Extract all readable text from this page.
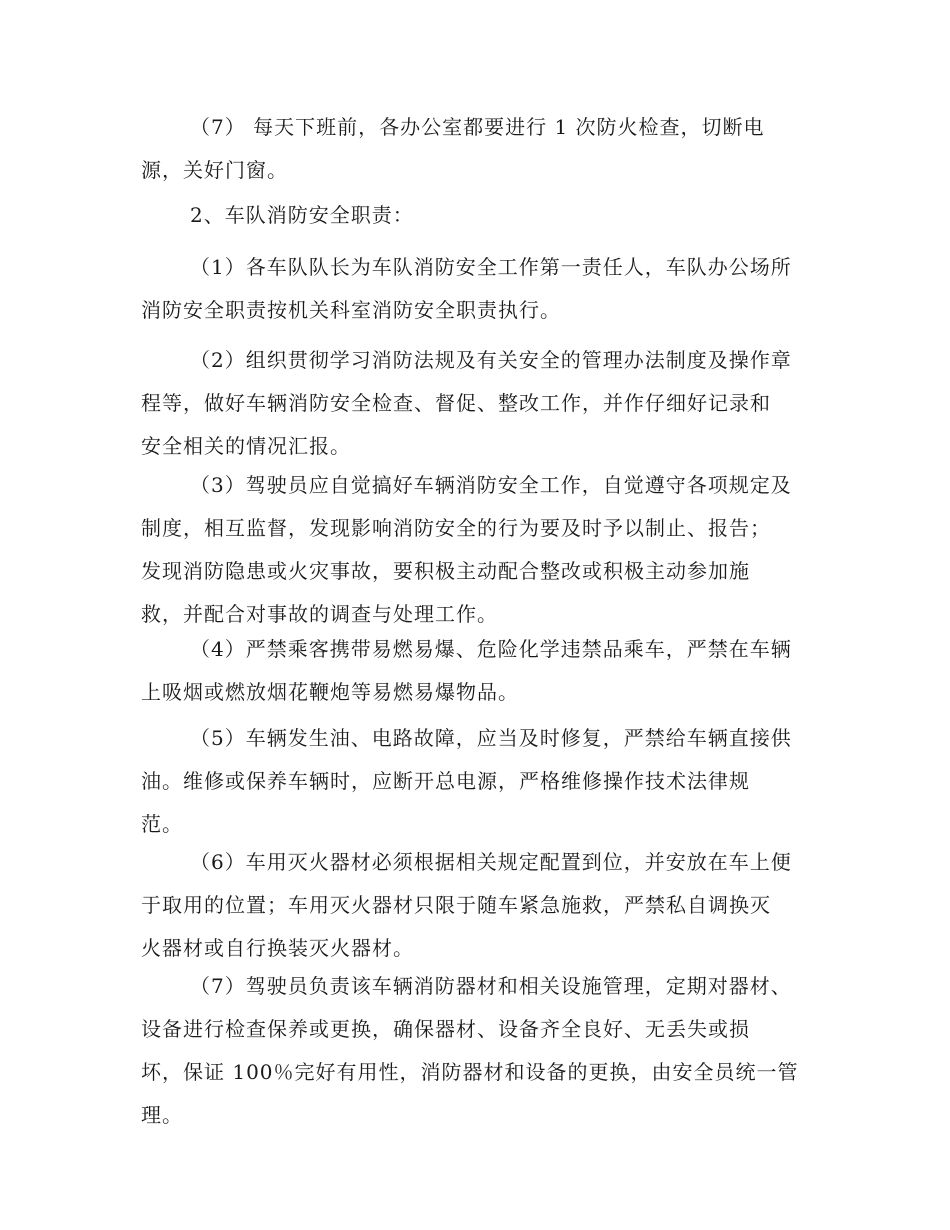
（7） 每天下班前，各办公室都要进行 1 次防火检查，切断电
源，关好门窗。
2、车队消防安全职责：
（1）各车队队长为车队消防安全工作第一责任人，车队办公场所
消防安全职责按机关科室消防安全职责执行。
（2）组织贯彻学习消防法规及有关安全的管理办法制度及操作章
程等，做好车辆消防安全检查、督促、整改工作，并作仔细好记录和
安全相关的情况汇报。
（3）驾驶员应自觉搞好车辆消防安全工作，自觉遵守各项规定及
制度，相互监督，发现影响消防安全的行为要及时予以制止、报告；
发现消防隐患或火灾事故，要积极主动配合整改或积极主动参加施
救，并配合对事故的调查与处理工作。
（4）严禁乘客携带易燃易爆、危险化学违禁品乘车，严禁在车辆
上吸烟或燃放烟花鞭炮等易燃易爆物品。
（5）车辆发生油、电路故障，应当及时修复，严禁给车辆直接供
油。维修或保养车辆时，应断开总电源，严格维修操作技术法律规
范。
（6）车用灭火器材必须根据相关规定配置到位，并安放在车上便
于取用的位置；车用灭火器材只限于随车紧急施救，严禁私自调换灭
火器材或自行换装灭火器材。
（7）驾驶员负责该车辆消防器材和相关设施管理，定期对器材、
设备进行检查保养或更换，确保器材、设备齐全良好、无丢失或损
坏，保证 100％完好有用性，消防器材和设备的更换，由安全员统一管
理。
